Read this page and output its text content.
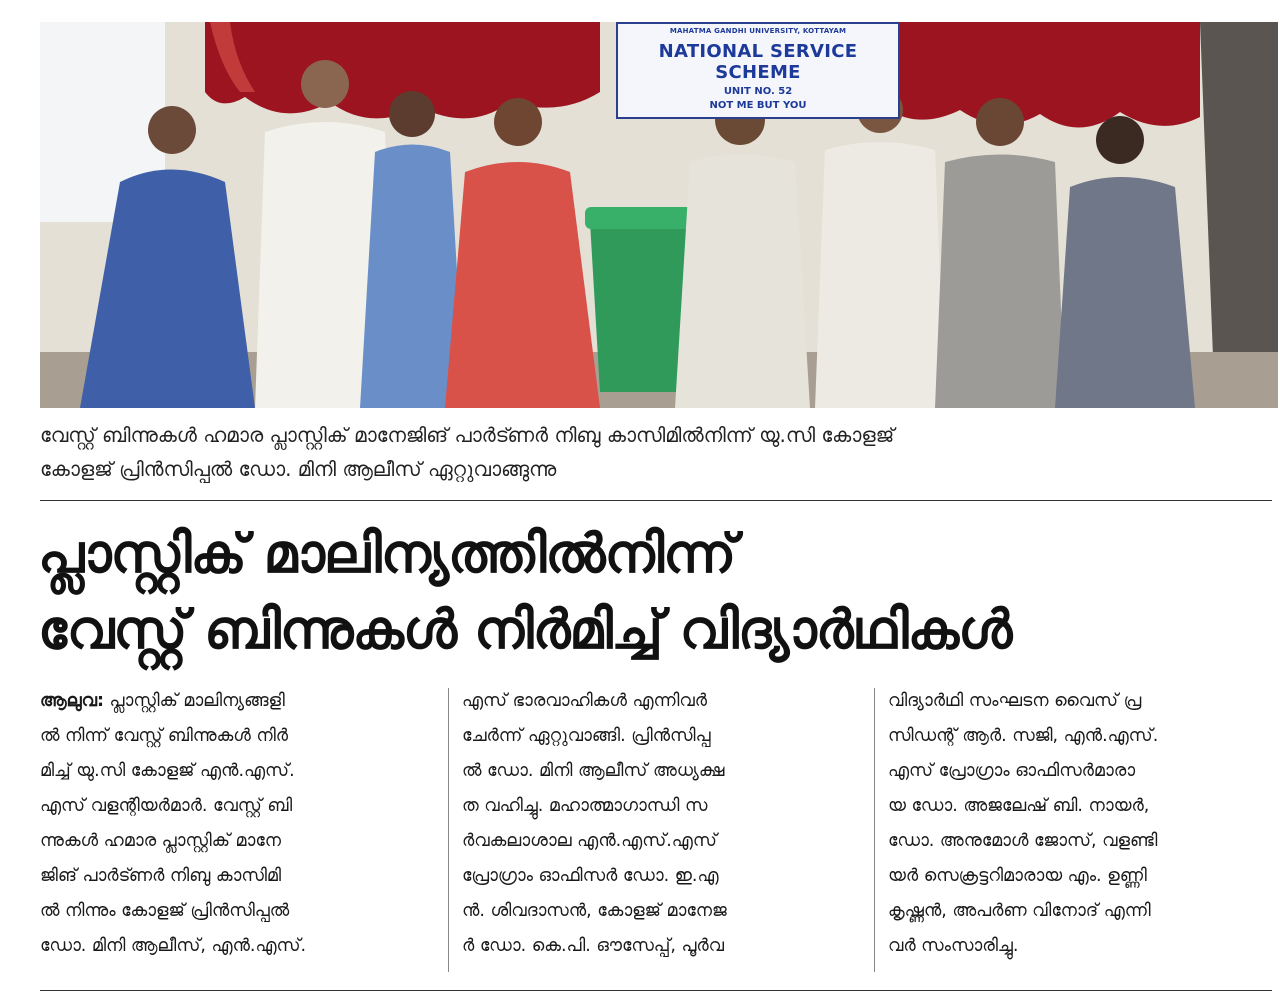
MAHATMA GANDHI UNIVERSITY, KOTTAYAM
NATIONAL SERVICE SCHEME
UNIT NO. 52
NOT ME BUT YOU
വേസ്റ്റ് ബിന്നുകൾ ഹമാര പ്ലാസ്റ്റിക് മാനേജിങ് പാർട്ണർ നിബു കാസിമിൽനിന്ന് യു.സി കോളജ്
കോളജ് പ്രിൻസിപ്പൽ ഡോ. മിനി ആലീസ് ഏറ്റുവാങ്ങുന്നു
പ്ലാസ്റ്റിക് മാലിന്യത്തിൽനിന്ന്
വേസ്റ്റ് ബിന്നുകൾ നിർമിച്ച് വിദ്യാർഥികൾ
ആലുവ: പ്ലാസ്റ്റിക് മാലിന്യങ്ങളി
ൽ നിന്ന് വേസ്റ്റ് ബിന്നുകൾ നിർ
മിച്ച് യു.സി കോളജ് എൻ.എസ്.
എസ് വളന്റിയർമാർ. വേസ്റ്റ് ബി
ന്നുകൾ ഹമാര പ്ലാസ്റ്റിക് മാനേ
ജിങ് പാർട്ണർ നിബു കാസിമി
ൽ നിന്നും കോളജ് പ്രിൻസിപ്പൽ
ഡോ. മിനി ആലീസ്, എൻ.എസ്.
എസ് ഭാരവാഹികൾ എന്നിവർ
ചേർന്ന് ഏറ്റുവാങ്ങി. പ്രിൻസിപ്പ
ൽ ഡോ. മിനി ആലീസ് അധ്യക്ഷ
ത വഹിച്ചു. മഹാത്മാഗാന്ധി സ
ർവകലാശാല എൻ.എസ്.എസ്
പ്രോഗ്രാം ഓഫിസർ ഡോ. ഇ.എ
ൻ. ശിവദാസൻ, കോളജ് മാനേജ
ർ ഡോ. കെ.പി. ഔസേപ്പ്, പൂർവ
വിദ്യാർഥി സംഘടന വൈസ് പ്ര
സിഡന്റ് ആർ. സജി, എൻ.എസ്.
എസ് പ്രോഗ്രാം ഓഫിസർമാരാ
യ ഡോ. അജലേഷ് ബി. നായർ,
ഡോ. അനുമോൾ ജോസ്, വളണ്ടി
യർ സെക്രട്ടറിമാരായ എം. ഉണ്ണി
കൃഷ്ണൻ, അപർണ വിനോദ് എന്നി
വർ സംസാരിച്ചു.
